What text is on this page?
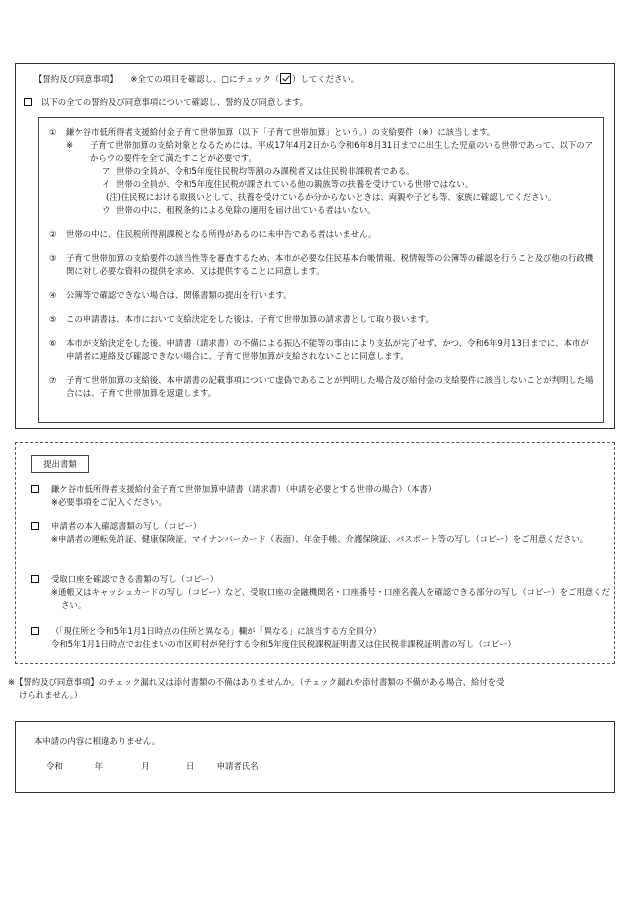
【誓約及び同意事項】 ※全ての項目を確認し、□にチェック（ ）してください。
以下の全ての誓約及び同意事項について確認し、誓約及び同意します。
① 鎌ケ谷市低所得者支援給付金子育て世帯加算（以下「子育て世帯加算」という。）の支給要件（※）に該当します。
※ 子育て世帯加算の支給対象となるためには、平成17年4月2日から令和6年8月31日までに出生した児童のいる世帯であって、以下のアからウの要件を全て満たすことが必要です。
ア 世帯の全員が、令和5年度住民税均等割のみ課税者又は住民税非課税者である。
イ 世帯の全員が、令和5年度住民税が課されている他の親族等の扶養を受けている世帯ではない。
(注)住民税における取扱いとして、扶養を受けているか分からないときは、両親や子ども等、家族に確認してください。
ウ 世帯の中に、租税条約による免除の適用を届け出ている者はいない。
② 世帯の中に、住民税所得割課税となる所得があるのに未申告である者はいません。
③ 子育て世帯加算の支給要件の該当性等を審査するため、本市が必要な住民基本台帳情報、税情報等の公簿等の確認を行うこと及び他の行政機関に対し必要な資料の提供を求め、又は提供することに同意します。
④ 公簿等で確認できない場合は、関係書類の提出を行います。
⑤ この申請書は、本市において支給決定をした後は、子育て世帯加算の請求書として取り扱います。
⑥ 本市が支給決定をした後、申請書（請求書）の不備による振込不能等の事由により支払が完了せず、かつ、令和6年9月13日までに、本市が申請者に連絡及び確認できない場合に、子育て世帯加算が支給されないことに同意します。
⑦ 子育て世帯加算の支給後、本申請書の記載事項について虚偽であることが判明した場合及び給付金の支給要件に該当しないことが判明した場合には、子育て世帯加算を返還します。
提出書類
鎌ケ谷市低所得者支援給付金子育て世帯加算申請書（請求書）（申請を必要とする世帯の場合）（本書）
※必要事項をご記入ください。
申請者の本人確認書類の写し（コピー）
※申請者の運転免許証、健康保険証、マイナンバーカード（表面）、年金手帳、介護保険証、パスポート等の写し（コピー）をご用意ください。
受取口座を確認できる書類の写し（コピー）
※通帳又はキャッシュカードの写し（コピー）など、受取口座の金融機関名・口座番号・口座名義人を確認できる部分の写し（コピー）をご用意ください。
（「現住所と令和5年1月1日時点の住所と異なる」欄が「異なる」に該当する方全員分）
令和5年1月1日時点でお住まいの市区町村が発行する令和5年度住民税課税証明書又は住民税非課税証明書の写し（コピー）
※【誓約及び同意事項】のチェック漏れ又は添付書類の不備はありませんか。（チェック漏れや添付書類の不備がある場合、給付を受
けられません。）
本申請の内容に相違ありません。
令和	年	月	日	申請者氏名
